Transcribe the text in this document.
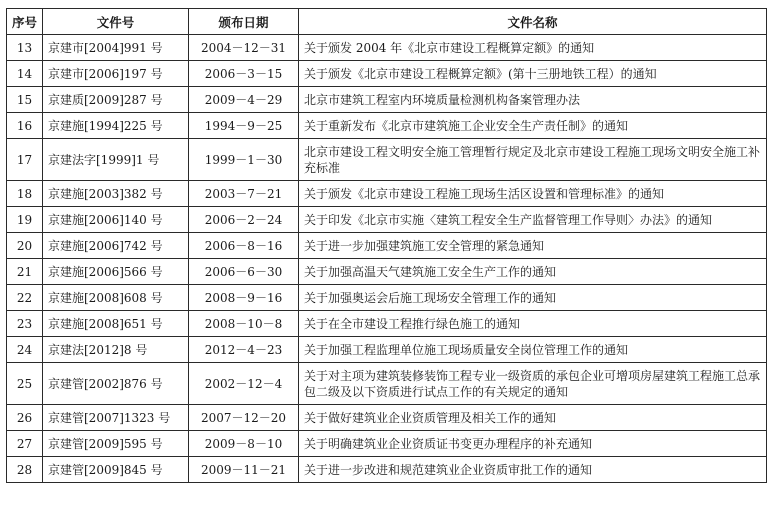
序号	文件号	颁布日期	文件名称
13	京建市[2004]991 号	2004－12－31	关于颁发 2004 年《北京市建设工程概算定额》的通知
14	京建市[2006]197 号	2006－3－15	关于颁发《北京市建设工程概算定额》(第十三册地铁工程）的通知
15	京建质[2009]287 号	2009－4－29	北京市建筑工程室内环境质量检测机构备案管理办法
16	京建施[1994]225 号	1994－9－25	关于重新发布《北京市建筑施工企业安全生产责任制》的通知
17	京建法字[1999]1 号	1999－1－30	北京市建设工程文明安全施工管理暂行规定及北京市建设工程施工现场文明安全施工补充标准
18	京建施[2003]382 号	2003－7－21	关于颁发《北京市建设工程施工现场生活区设置和管理标准》的通知
19	京建施[2006]140 号	2006－2－24	关于印发《北京市实施〈建筑工程安全生产监督管理工作导则〉办法》的通知
20	京建施[2006]742 号	2006－8－16	关于进一步加强建筑施工安全管理的紧急通知
21	京建施[2006]566 号	2006－6－30	关于加强高温天气建筑施工安全生产工作的通知
22	京建施[2008]608 号	2008－9－16	关于加强奥运会后施工现场安全管理工作的通知
23	京建施[2008]651 号	2008－10－8	关于在全市建设工程推行绿色施工的通知
24	京建法[2012]8 号	2012－4－23	关于加强工程监理单位施工现场质量安全岗位管理工作的通知
25	京建管[2002]876 号	2002－12－4	关于对主项为建筑装修装饰工程专业一级资质的承包企业可增项房屋建筑工程施工总承包二级及以下资质进行试点工作的有关规定的通知
26	京建管[2007]1323 号	2007－12－20	关于做好建筑业企业资质管理及相关工作的通知
27	京建管[2009]595 号	2009－8－10	关于明确建筑业企业资质证书变更办理程序的补充通知
28	京建管[2009]845 号	2009－11－21	关于进一步改进和规范建筑业企业资质审批工作的通知
